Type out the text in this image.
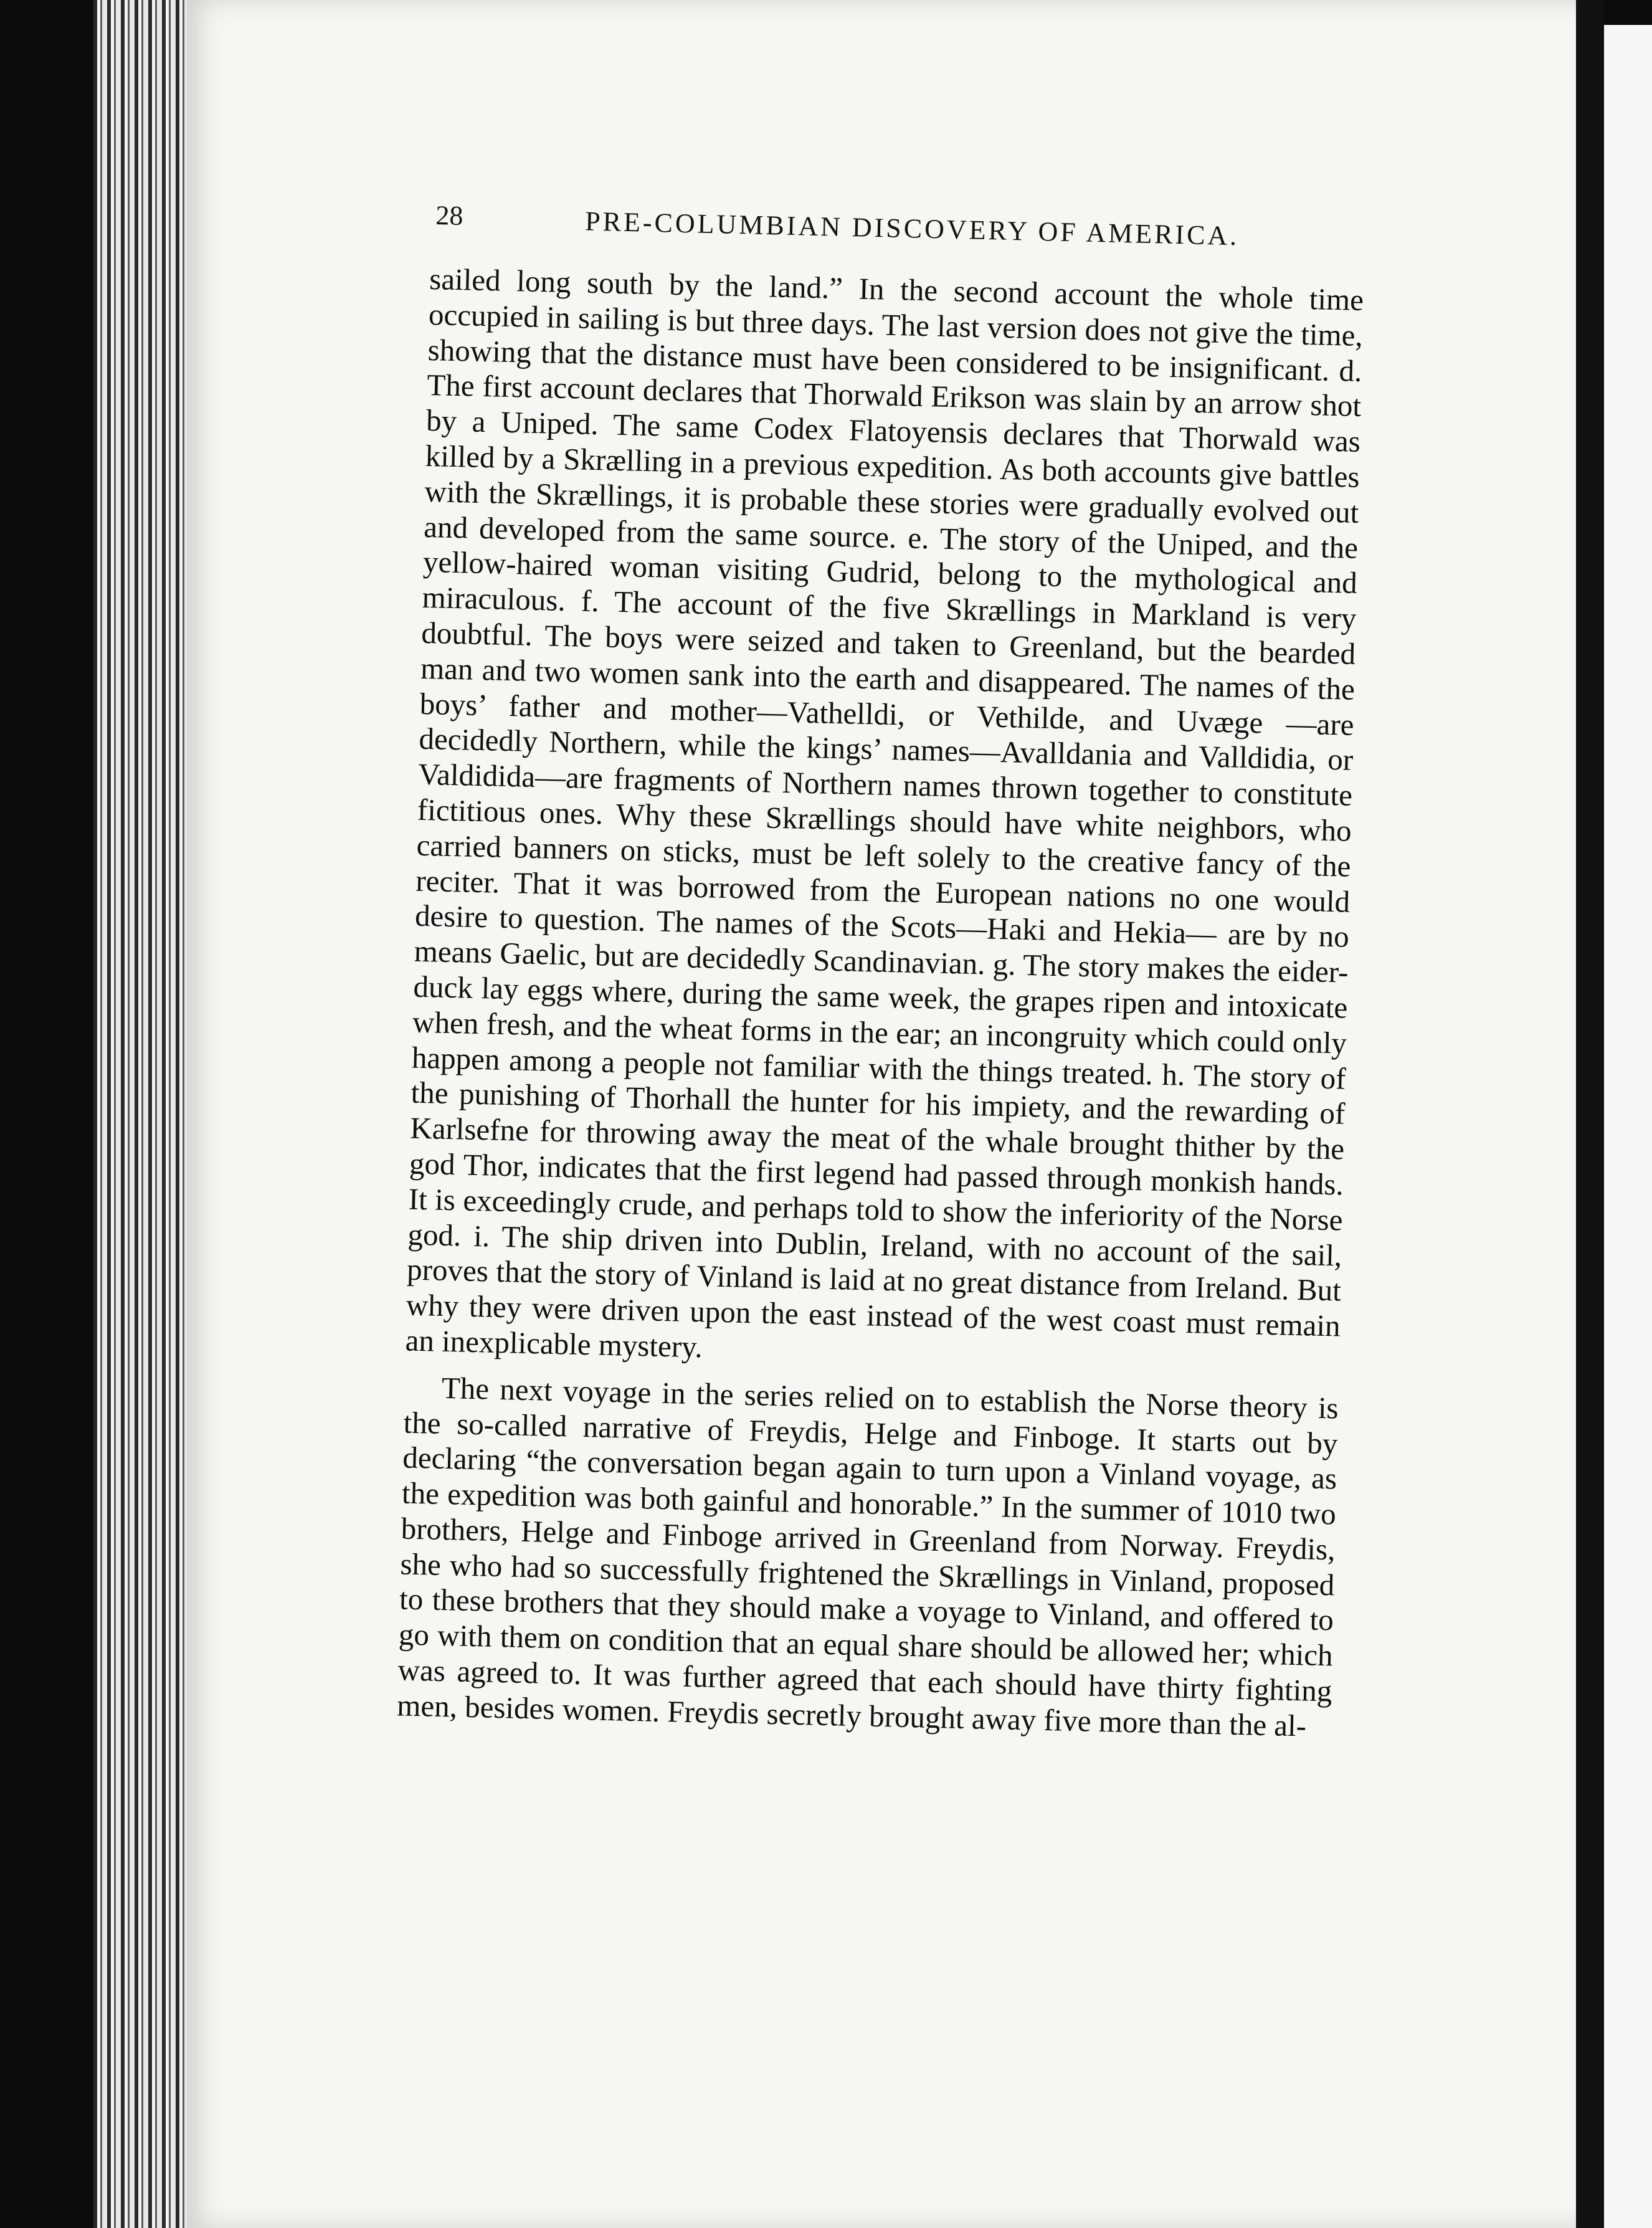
28	PRE-COLUMBIAN DISCOVERY OF AMERICA.

sailed long south by the land.” In the second account the whole time occupied in sailing is but three days. The last version does not give the time, showing that the distance must have been considered to be insignificant. d. The first account declares that Thorwald Erikson was slain by an arrow shot by a Uniped. The same Codex Flatoyensis declares that Thorwald was killed by a Skrælling in a previous expedition. As both accounts give battles with the Skrællings, it is probable these stories were gradually evolved out and developed from the same source. e. The story of the Uniped, and the yellow-haired woman visiting Gudrid, belong to the mythological and miraculous. f. The account of the five Skrællings in Markland is very doubtful. The boys were seized and taken to Greenland, but the bearded man and two women sank into the earth and disappeared. The names of the boys’ father and mother—Vathelldi, or Vethilde, and Uvæge —are decidedly Northern, while the kings’ names—Avalldania and Valldidia, or Valdidida—are fragments of Northern names thrown together to constitute fictitious ones. Why these Skrællings should have white neighbors, who carried banners on sticks, must be left solely to the creative fancy of the reciter. That it was borrowed from the European nations no one would desire to question. The names of the Scots—Haki and Hekia— are by no means Gaelic, but are decidedly Scandinavian. g. The story makes the eider-duck lay eggs where, during the same week, the grapes ripen and intoxicate when fresh, and the wheat forms in the ear; an incongruity which could only happen among a people not familiar with the things treated. h. The story of the punishing of Thorhall the hunter for his impiety, and the rewarding of Karlsefne for throwing away the meat of the whale brought thither by the god Thor, indicates that the first legend had passed through monkish hands. It is exceedingly crude, and perhaps told to show the inferiority of the Norse god. i. The ship driven into Dublin, Ireland, with no account of the sail, proves that the story of Vinland is laid at no great distance from Ireland. But why they were driven upon the east instead of the west coast must remain an inexplicable mystery.

The next voyage in the series relied on to establish the Norse theory is the so-called narrative of Freydis, Helge and Finboge. It starts out by declaring “the conversation began again to turn upon a Vinland voyage, as the expedition was both gainful and honorable.” In the summer of 1010 two brothers, Helge and Finboge arrived in Greenland from Norway. Freydis, she who had so successfully frightened the Skrællings in Vinland, proposed to these brothers that they should make a voyage to Vinland, and offered to go with them on condition that an equal share should be allowed her; which was agreed to. It was further agreed that each should have thirty fighting men, besides women. Freydis secretly brought away five more than the al-
